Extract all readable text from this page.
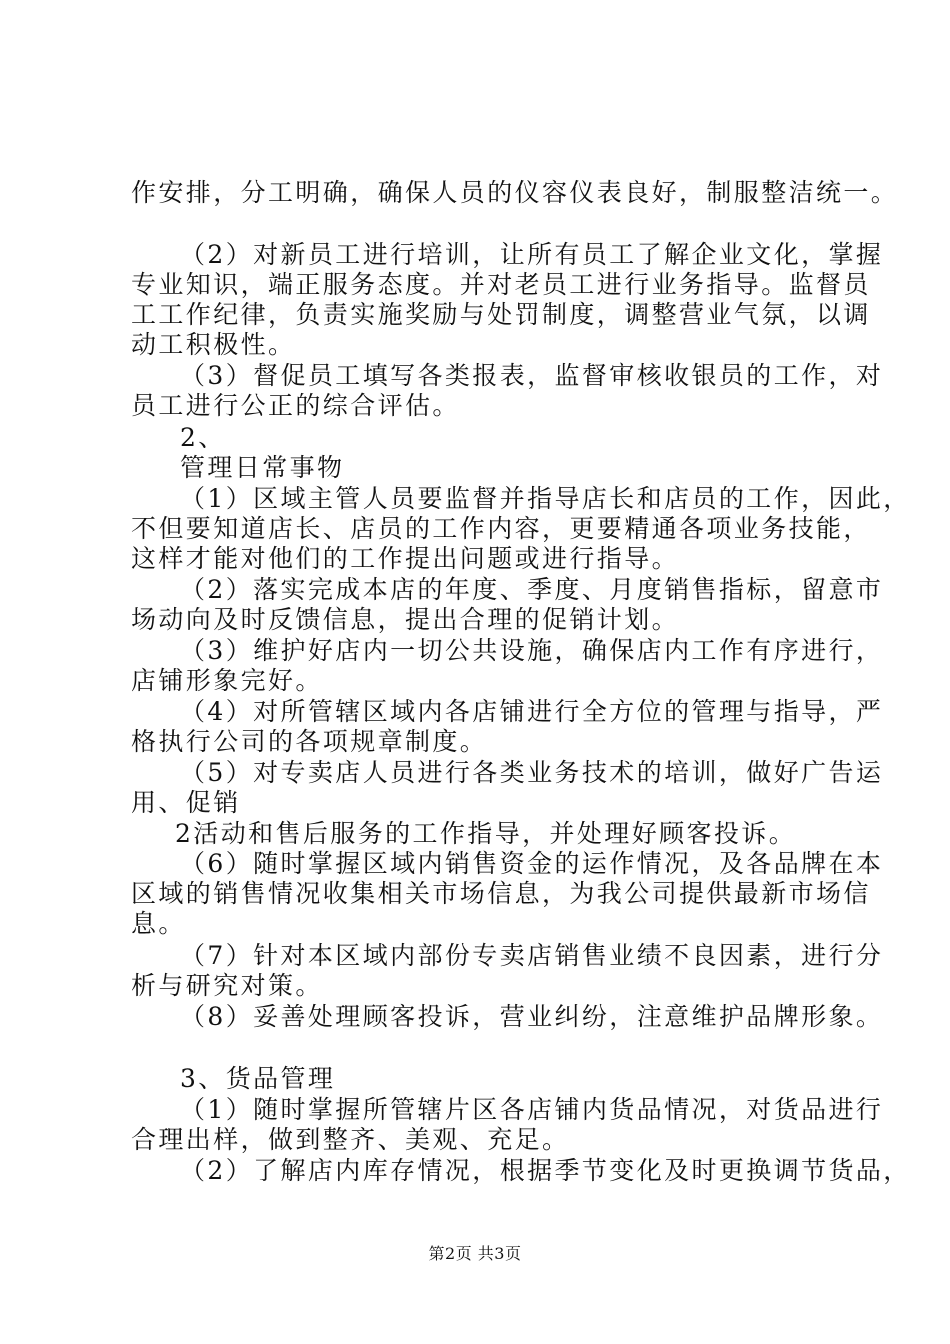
作安排，分工明确，确保人员的仪容仪表良好，制服整洁统一。
（2）对新员工进行培训，让所有员工了解企业文化，掌握
专业知识，端正服务态度。并对老员工进行业务指导。监督员
工工作纪律，负责实施奖励与处罚制度，调整营业气氛，以调
动工积极性。
（3）督促员工填写各类报表，监督审核收银员的工作，对
员工进行公正的综合评估。
2、
管理日常事物
（1）区域主管人员要监督并指导店长和店员的工作，因此，
不但要知道店长、店员的工作内容，更要精通各项业务技能，
这样才能对他们的工作提出问题或进行指导。
（2）落实完成本店的年度、季度、月度销售指标，留意市
场动向及时反馈信息，提出合理的促销计划。
（3）维护好店内一切公共设施，确保店内工作有序进行，
店铺形象完好。
（4）对所管辖区域内各店铺进行全方位的管理与指导，严
格执行公司的各项规章制度。
（5）对专卖店人员进行各类业务技术的培训，做好广告运
用、促销
2活动和售后服务的工作指导，并处理好顾客投诉。
（6）随时掌握区域内销售资金的运作情况，及各品牌在本
区域的销售情况收集相关市场信息，为我公司提供最新市场信
息。
（7）针对本区域内部份专卖店销售业绩不良因素，进行分
析与研究对策。
（8）妥善处理顾客投诉，营业纠纷，注意维护品牌形象。
3、货品管理
（1）随时掌握所管辖片区各店铺内货品情况，对货品进行
合理出样，做到整齐、美观、充足。
（2）了解店内库存情况，根据季节变化及时更换调节货品，
第2页 共3页
